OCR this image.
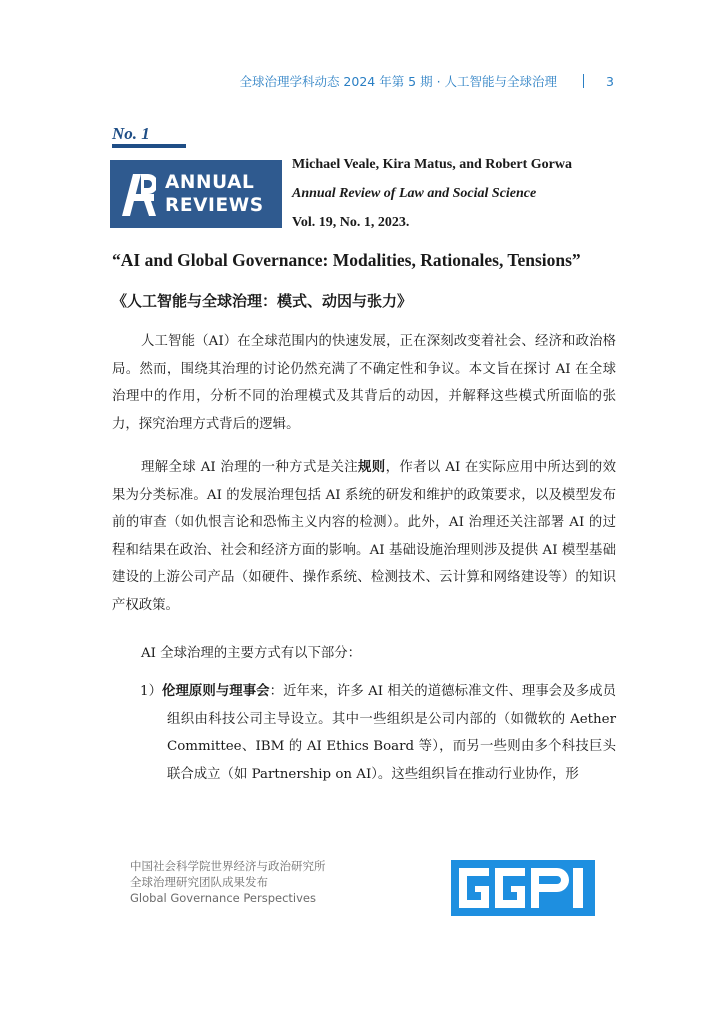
全球治理学科动态 2024 年第 5 期 · 人工智能与全球治理	3
No. 1
ANNUAL
REVIEWS
Michael Veale, Kira Matus, and Robert Gorwa
Annual Review of Law and Social Science
Vol. 19, No. 1, 2023.
“AI and Global Governance: Modalities, Rationales, Tensions”
《人工智能与全球治理：模式、动因与张力》

人工智能（AI）在全球范围内的快速发展，正在深刻改变着社会、经济和政治格局。然而，围绕其治理的讨论仍然充满了不确定性和争议。本文旨在探讨 AI 在全球治理中的作用，分析不同的治理模式及其背后的动因，并解释这些模式所面临的张力，探究治理方式背后的逻辑。

理解全球 AI 治理的一种方式是关注规则，作者以 AI 在实际应用中所达到的效果为分类标准。AI 的发展治理包括 AI 系统的研发和维护的政策要求，以及模型发布前的审查（如仇恨言论和恐怖主义内容的检测）。此外，AI 治理还关注部署 AI 的过程和结果在政治、社会和经济方面的影响。AI 基础设施治理则涉及提供 AI 模型基础建设的上游公司产品（如硬件、操作系统、检测技术、云计算和网络建设等）的知识产权政策。

AI 全球治理的主要方式有以下部分：

1）伦理原则与理事会：近年来，许多 AI 相关的道德标准文件、理事会及多成员组织由科技公司主导设立。其中一些组织是公司内部的（如微软的 Aether Committee、IBM 的 AI Ethics Board 等），而另一些则由多个科技巨头联合成立（如 Partnership on AI）。这些组织旨在推动行业协作，形

中国社会科学院世界经济与政治研究所
全球治理研究团队成果发布
Global Governance Perspectives
